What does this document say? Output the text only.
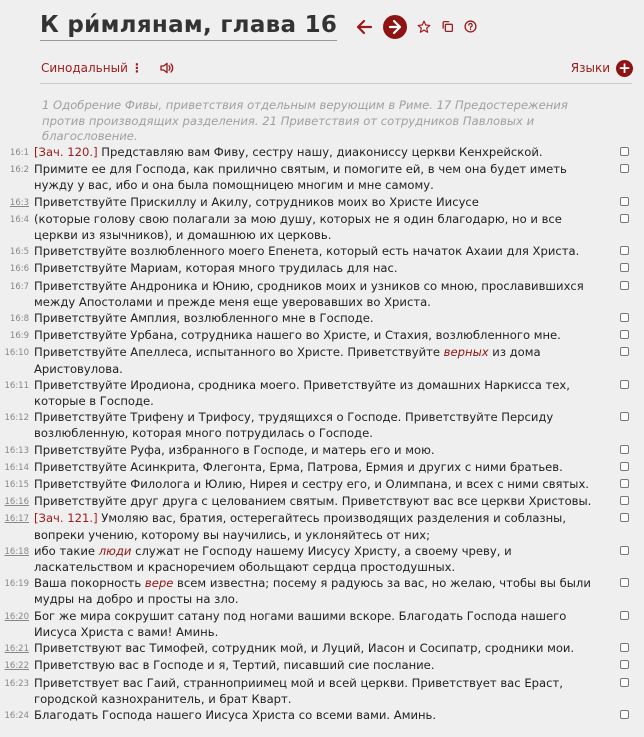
К ри́млянам, глава 16
Синодальный ⋮	Языки +
1 Одобрение Фивы, приветствия отдельным верующим в Риме. 17 Предостережения против производящих разделения. 21 Приветствия от сотрудников Павловых и благословение.
16:1 [Зач. 120.] Представляю вам Фиву, сестру нашу, диакониссу церкви Кенхрейской.
16:2 Примите ее для Господа, как прилично святым, и помогите ей, в чем она будет иметь нужду у вас, ибо и она была помощницею многим и мне самому.
16:3 Приветствуйте Прискиллу и Акилу, сотрудников моих во Христе Иисусе
16:4 (которые голову свою полагали за мою душу, которых не я один благодарю, но и все церкви из язычников), и домашнюю их церковь.
16:5 Приветствуйте возлюбленного моего Епенета, который есть начаток Ахаии для Христа.
16:6 Приветствуйте Мариам, которая много трудилась для нас.
16:7 Приветствуйте Андроника и Юнию, сродников моих и узников со мною, прославившихся между Апостолами и прежде меня еще уверовавших во Христа.
16:8 Приветствуйте Амплия, возлюбленного мне в Господе.
16:9 Приветствуйте Урбана, сотрудника нашего во Христе, и Стахия, возлюбленного мне.
16:10 Приветствуйте Апеллеса, испытанного во Христе. Приветствуйте верных из дома Аристовулова.
16:11 Приветствуйте Иродиона, сродника моего. Приветствуйте из домашних Наркисса тех, которые в Господе.
16:12 Приветствуйте Трифену и Трифосу, трудящихся о Господе. Приветствуйте Персиду возлюбленную, которая много потрудилась о Господе.
16:13 Приветствуйте Руфа, избранного в Господе, и матерь его и мою.
16:14 Приветствуйте Асинкрита, Флегонта, Ерма, Патрова, Ермия и других с ними братьев.
16:15 Приветствуйте Филолога и Юлию, Нирея и сестру его, и Олимпана, и всех с ними святых.
16:16 Приветствуйте друг друга с целованием святым. Приветствуют вас все церкви Христовы.
16:17 [Зач. 121.] Умоляю вас, братия, остерегайтесь производящих разделения и соблазны, вопреки учению, которому вы научились, и уклоняйтесь от них;
16:18 ибо такие люди служат не Господу нашему Иисусу Христу, а своему чреву, и ласкательством и красноречием обольщают сердца простодушных.
16:19 Ваша покорность вере всем известна; посему я радуюсь за вас, но желаю, чтобы вы были мудры на добро и просты на зло.
16:20 Бог же мира сокрушит сатану под ногами вашими вскоре. Благодать Господа нашего Иисуса Христа с вами! Аминь.
16:21 Приветствуют вас Тимофей, сотрудник мой, и Луций, Иасон и Сосипатр, сродники мои.
16:22 Приветствую вас в Господе и я, Тертий, писавший сие послание.
16:23 Приветствует вас Гаий, странноприимец мой и всей церкви. Приветствует вас Ераст, городской казнохранитель, и брат Кварт.
16:24 Благодать Господа нашего Иисуса Христа со всеми вами. Аминь.
